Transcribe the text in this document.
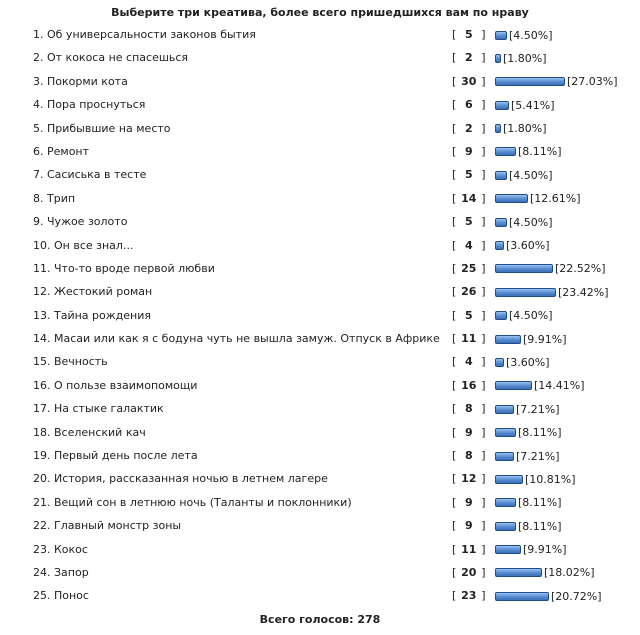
Выберите три креатива, более всего пришедшихся вам по нраву
1. Об универсальности законов бытия	[ 5 ] [4.50%]
2. От кокоса не спасешься	[ 2 ] [1.80%]
3. Покорми кота	[ 30 ]	[27.03%]
4. Пора проснуться	[ 6 ] [5.41%]
5. Прибывшие на место	[ 2 ] [1.80%]
6. Ремонт	[ 9 ]	[8.11%]
7. Сасиська в тесте	[ 5 ] [4.50%]
8. Трип	[ 14 ]	[12.61%]
9. Чужое золото	[ 5 ] [4.50%]
10. Он все знал...	[ 4 ] [3.60%]
11. Что-то вроде первой любви	[ 25 ]	[22.52%]
12. Жестокий роман	[ 26 ]	[23.42%]
13. Тайна рождения	[ 5 ] [4.50%]
14. Масаи или как я с бодуна чуть не вышла замуж. Отпуск в Африке [ 11 ]	[9.91%]
15. Вечность	[ 4 ] [3.60%]
16. О пользе взаимопомощи	[ 16 ]	[14.41%]
17. На стыке галактик	[ 8 ]	[7.21%]
18. Вселенский кач	[ 9 ]	[8.11%]
19. Первый день после лета	[ 8 ]	[7.21%]
20. История, рассказанная ночью в летнем лагере	[ 12 ]	[10.81%]
21. Вещий сон в летнюю ночь (Таланты и поклонники)	[ 9 ]	[8.11%]
22. Главный монстр зоны	[ 9 ]	[8.11%]
23. Кокос	[ 11 ]	[9.91%]
24. Запор	[ 20 ]	[18.02%]
25. Понос	[ 23 ]	[20.72%]
Всего голосов: 278
